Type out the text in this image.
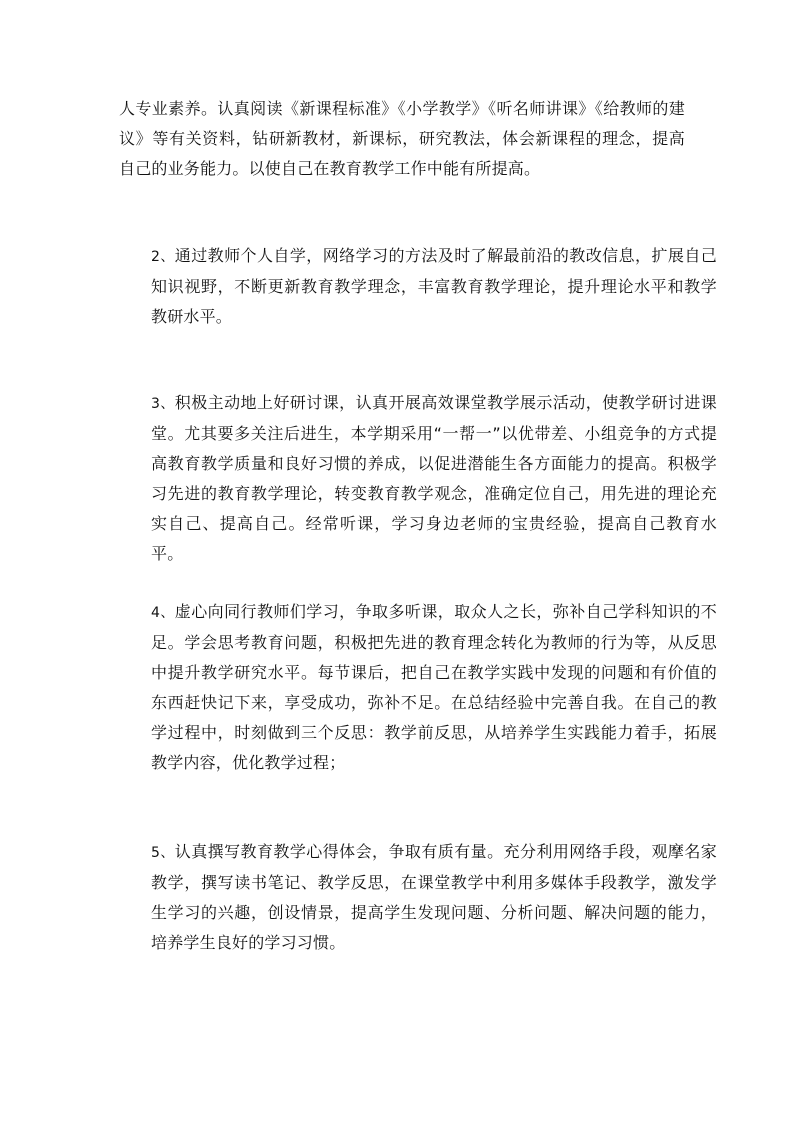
人专业素养。认真阅读《新课程标准》《小学教学》《听名师讲课》《给教师的建议》等有关资料，钻研新教材，新课标，研究教法，体会新课程的理念，提高自己的业务能力。以使自己在教育教学工作中能有所提高。

2、通过教师个人自学，网络学习的方法及时了解最前沿的教改信息，扩展自己知识视野，不断更新教育教学理念，丰富教育教学理论，提升理论水平和教学教研水平。

3、积极主动地上好研讨课，认真开展高效课堂教学展示活动，使教学研讨进课堂。尤其要多关注后进生，本学期采用“一帮一”以优带差、小组竞争的方式提高教育教学质量和良好习惯的养成，以促进潜能生各方面能力的提高。积极学习先进的教育教学理论，转变教育教学观念，准确定位自己，用先进的理论充实自己、提高自己。经常听课，学习身边老师的宝贵经验，提高自己教育水平。

4、虚心向同行教师们学习，争取多听课，取众人之长，弥补自己学科知识的不足。学会思考教育问题，积极把先进的教育理念转化为教师的行为等，从反思中提升教学研究水平。每节课后，把自己在教学实践中发现的问题和有价值的东西赶快记下来，享受成功，弥补不足。在总结经验中完善自我。在自己的教学过程中，时刻做到三个反思：教学前反思，从培养学生实践能力着手，拓展教学内容，优化教学过程；

5、认真撰写教育教学心得体会，争取有质有量。充分利用网络手段，观摩名家教学，撰写读书笔记、教学反思，在课堂教学中利用多媒体手段教学，激发学生学习的兴趣，创设情景，提高学生发现问题、分析问题、解决问题的能力，培养学生良好的学习习惯。
